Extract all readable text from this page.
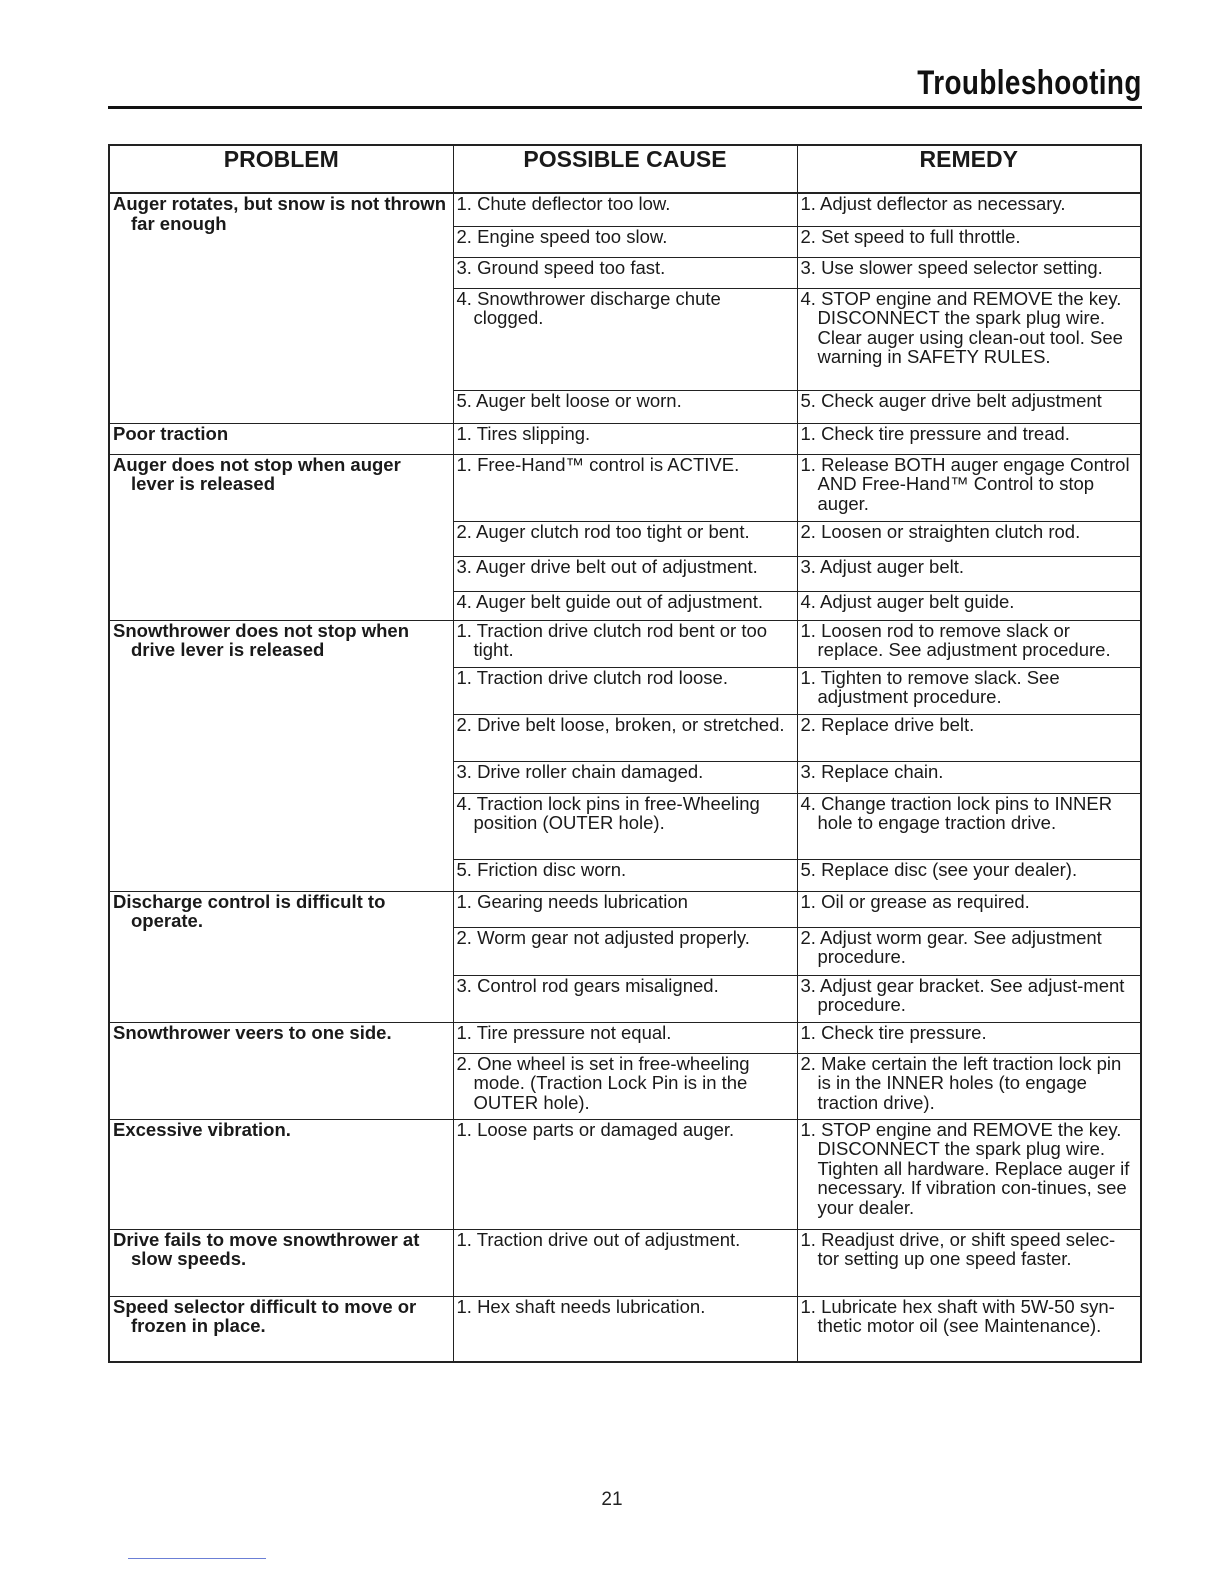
Troubleshooting
PROBLEM	POSSIBLE CAUSE	REMEDY

Auger rotates, but snow is not thrown far enough	1. Chute deflector too low.	1. Adjust deflector as necessary.

	2. Engine speed too slow.	2. Set speed to full throttle.

	3. Ground speed too fast.	3. Use slower speed selector setting.

	4. Snowthrower discharge chute clogged.	4. STOP engine and REMOVE the key. DISCONNECT the spark plug wire. Clear auger using clean-out tool. See warning in SAFETY RULES.

	5. Auger belt loose or worn.	5. Check auger drive belt adjustment

Poor traction	1. Tires slipping.	1. Check tire pressure and tread.

Auger does not stop when auger lever is released	1. Free-Hand™ control is ACTIVE.	1. Release BOTH auger engage Control AND Free-Hand™ Control to stop auger.

	2. Auger clutch rod too tight or bent.	2. Loosen or straighten clutch rod.

	3. Auger drive belt out of adjustment.	3. Adjust auger belt.

	4. Auger belt guide out of adjustment.	4. Adjust auger belt guide.

Snowthrower does not stop when drive lever is released	1. Traction drive clutch rod bent or too tight.	1. Loosen rod to remove slack or replace. See adjustment procedure.

	1. Traction drive clutch rod loose.	1. Tighten to remove slack. See adjustment procedure.

	2. Drive belt loose, broken, or stretched.	2. Replace drive belt.

	3. Drive roller chain damaged.	3. Replace chain.

	4. Traction lock pins in free-Wheeling position (OUTER hole).	4. Change traction lock pins to INNER hole to engage traction drive.

	5. Friction disc worn.	5. Replace disc (see your dealer).

Discharge control is difficult to operate.	1. Gearing needs lubrication	1. Oil or grease as required.

	2. Worm gear not adjusted properly.	2. Adjust worm gear. See adjustment procedure.

	3. Control rod gears misaligned.	3. Adjust gear bracket. See adjust-ment procedure.

Snowthrower veers to one side.	1. Tire pressure not equal.	1. Check tire pressure.

	2. One wheel is set in free-wheeling mode. (Traction Lock Pin is in the OUTER hole).	2. Make certain the left traction lock pin is in the INNER holes (to engage traction drive).

Excessive vibration.	1. Loose parts or damaged auger.	1. STOP engine and REMOVE the key. DISCONNECT the spark plug wire. Tighten all hardware. Replace auger if necessary. If vibration con-tinues, see your dealer.

Drive fails to move snowthrower at slow speeds.	1. Traction drive out of adjustment.	1. Readjust drive, or shift speed selec-tor setting up one speed faster.

Speed selector difficult to move or frozen in place.	1. Hex shaft needs lubrication.	1. Lubricate hex shaft with 5W-50 syn-thetic motor oil (see Maintenance).
21
